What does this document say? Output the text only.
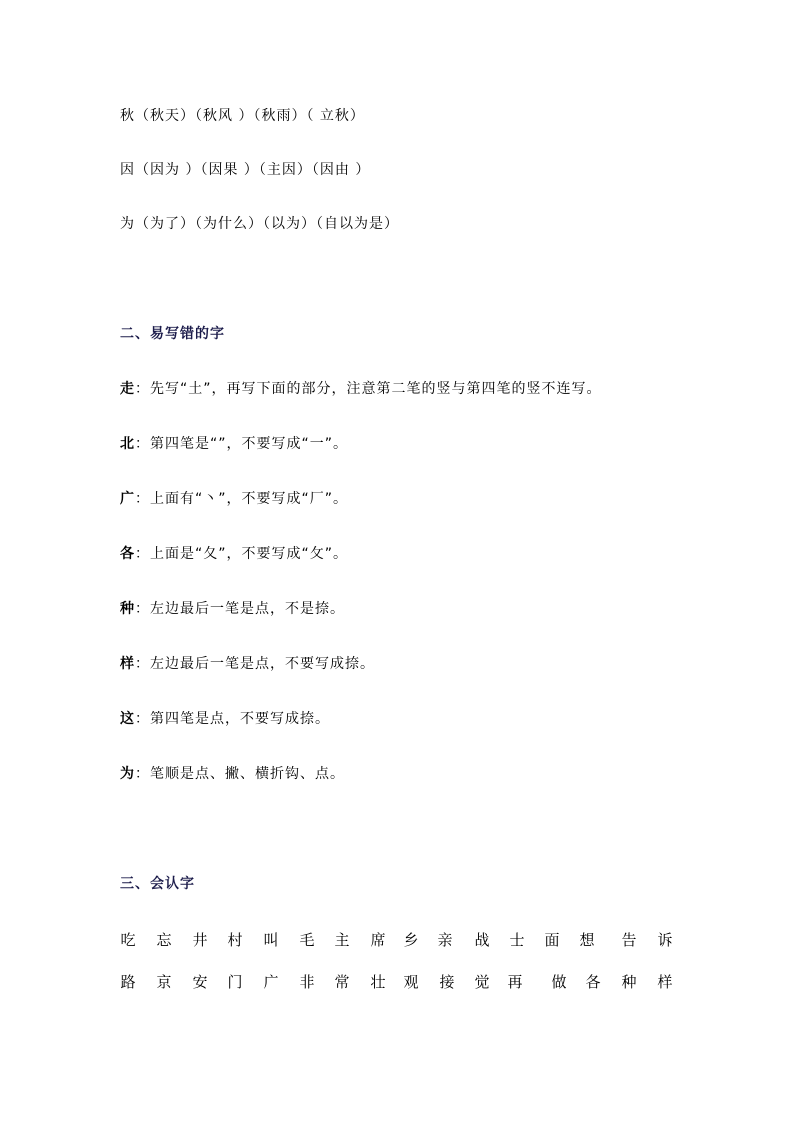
秋（秋天）（秋风 ）（秋雨）（ 立秋）
因（因为 ）（因果 ）（主因）（因由 ）
为（为了）（为什么）（以为）（自以为是）
二、易写错的字
走：先写“土”，再写下面的部分，注意第二笔的竖与第四笔的竖不连写。
北：第四笔是“”，不要写成“一”。
广：上面有“丶”，不要写成“厂”。
各：上面是“夂”，不要写成“攵”。
种：左边最后一笔是点，不是捺。
样：左边最后一笔是点，不要写成捺。
这：第四笔是点，不要写成捺。
为：笔顺是点、撇、横折钩、点。
三、会认字
吃 忘 井 村 叫 毛 主 席 乡 亲 战 士 面 想 告 诉
路 京 安 门 广 非 常 壮 观 接 觉 再 做 各 种 样
